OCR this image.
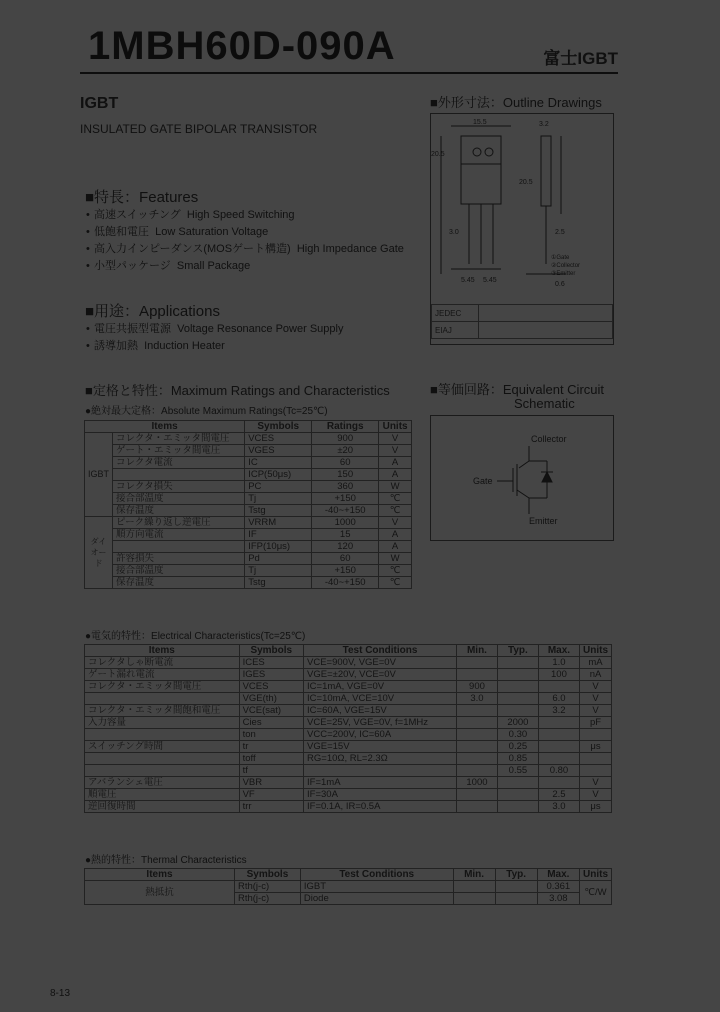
1MBH60D-090A	富士IGBT
IGBT
INSULATED GATE BIPOLAR TRANSISTOR
■特長：Features
• 高速スイッチング High Speed Switching
• 低飽和電圧 Low Saturation Voltage
• 高入力インピーダンス(MOSゲート構造) High Impedance Gate
• 小型パッケージ Small Package
■用途：Applications
• 電圧共振型電源 Voltage Resonance Power Supply
• 誘導加熱 Induction Heater
■外形寸法：Outline Drawings
15.5	3.2
20.5
20.5
3.0
5.45 5.45
2.5
0.6
①Gate
②Collector
③Emitter
JEDEC	
EIAJ	
■等価回路：Equivalent Circuit
Schematic
Collector
Gate
Emitter
■定格と特性：Maximum Ratings and Characteristics
●絶対最大定格：Absolute Maximum Ratings(Tc=25℃)
Items		Symbols	Ratings	Units
IGBT	コレクタ・エミッタ間電圧	VCES	900	V
	ゲート・エミッタ間電圧	VGES	±20	V
	コレクタ電流	IC	60	A
		ICP(50μs)	150	A
	コレクタ損失	PC	360	W
	接合部温度	Tj	+150	℃
	保存温度	Tstg	-40~+150	℃
ダイオード	ピーク繰り返し逆電圧	VRRM	1000	V
	順方向電流	IF	15	A
		IFP(10μs)	120	A
	許容損失	Pd	60	W
	接合部温度	Tj	+150	℃
	保存温度	Tstg	-40~+150	℃
●電気的特性：Electrical Characteristics(Tc=25℃)
Items	Symbols	Test Conditions	Min.	Typ.	Max.	Units
コレクタしゃ断電流	ICES	VCE=900V, VGE=0V			1.0	mA
ゲート漏れ電流	IGES	VGE=±20V, VCE=0V			100	nA
コレクタ・エミッタ間電圧	VCES	IC=1mA, VGE=0V	900			V
	VGE(th)	IC=10mA, VCE=10V	3.0		6.0	V
コレクタ・エミッタ間飽和電圧	VCE(sat)	IC=60A, VGE=15V			3.2	V
入力容量	Cies	VCE=25V, VGE=0V, f=1MHz		2000		pF
	ton	VCC=200V, IC=60A		0.30		
スイッチング時間	tr	VGE=15V		0.25		μs
	toff	RG=10Ω, RL=2.3Ω		0.85		
	tf			0.55	0.80	
アバランシェ電圧	VBR	IF=1mA	1000			V
順電圧	VF	IF=30A			2.5	V
逆回復時間	trr	IF=0.1A, IR=0.5A			3.0	μs
●熱的特性：Thermal Characteristics
Items	Symbols	Test Conditions	Min.	Typ.	Max.	Units
熱抵抗	Rth(j-c)	IGBT			0.361	℃/W
	Rth(j-c)	Diode			3.08	
8-13
